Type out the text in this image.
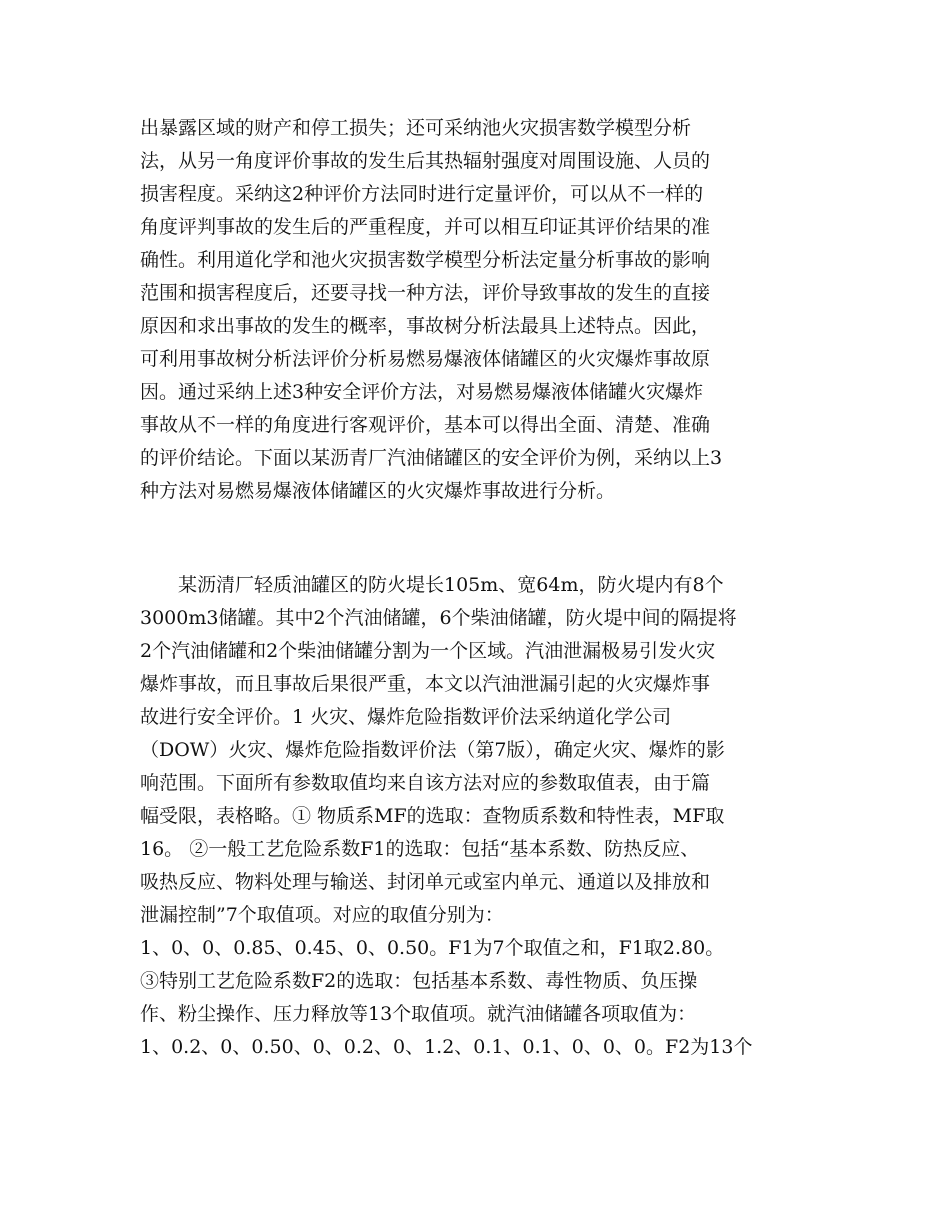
出暴露区域的财产和停工损失；还可采纳池火灾损害数学模型分析
法，从另一角度评价事故的发生后其热辐射强度对周围设施、人员的
损害程度。采纳这2种评价方法同时进行定量评价，可以从不一样的
角度评判事故的发生后的严重程度，并可以相互印证其评价结果的准
确性。利用道化学和池火灾损害数学模型分析法定量分析事故的影响
范围和损害程度后，还要寻找一种方法，评价导致事故的发生的直接
原因和求出事故的发生的概率，事故树分析法最具上述特点。因此，
可利用事故树分析法评价分析易燃易爆液体储罐区的火灾爆炸事故原
因。通过采纳上述3种安全评价方法，对易燃易爆液体储罐火灾爆炸
事故从不一样的角度进行客观评价，基本可以得出全面、清楚、准确
的评价结论。下面以某沥青厂汽油储罐区的安全评价为例，采纳以上3
种方法对易燃易爆液体储罐区的火灾爆炸事故进行分析。
　　某沥清厂轻质油罐区的防火堤长105m、宽64m，防火堤内有8个
3000m3储罐。其中2个汽油储罐，6个柴油储罐，防火堤中间的隔提将
2个汽油储罐和2个柴油储罐分割为一个区域。汽油泄漏极易引发火灾
爆炸事故，而且事故后果很严重，本文以汽油泄漏引起的火灾爆炸事
故进行安全评价。1 火灾、爆炸危险指数评价法采纳道化学公司
（DOW）火灾、爆炸危险指数评价法（第7版），确定火灾、爆炸的影
响范围。下面所有参数取值均来自该方法对应的参数取值表，由于篇
幅受限，表格略。① 物质系MF的选取：查物质系数和特性表，MF取
16。 ②一般工艺危险系数F1的选取：包括“基本系数、防热反应、
吸热反应、物料处理与输送、封闭单元或室内单元、通道以及排放和
泄漏控制”7个取值项。对应的取值分别为：
1、0、0、0.85、0.45、0、0.50。F1为7个取值之和，F1取2.80。
③特别工艺危险系数F2的选取：包括基本系数、毒性物质、负压操
作、粉尘操作、压力释放等13个取值项。就汽油储罐各项取值为：
1、0.2、0、0.50、0、0.2、0、1.2、0.1、0.1、0、0、0。F2为13个
